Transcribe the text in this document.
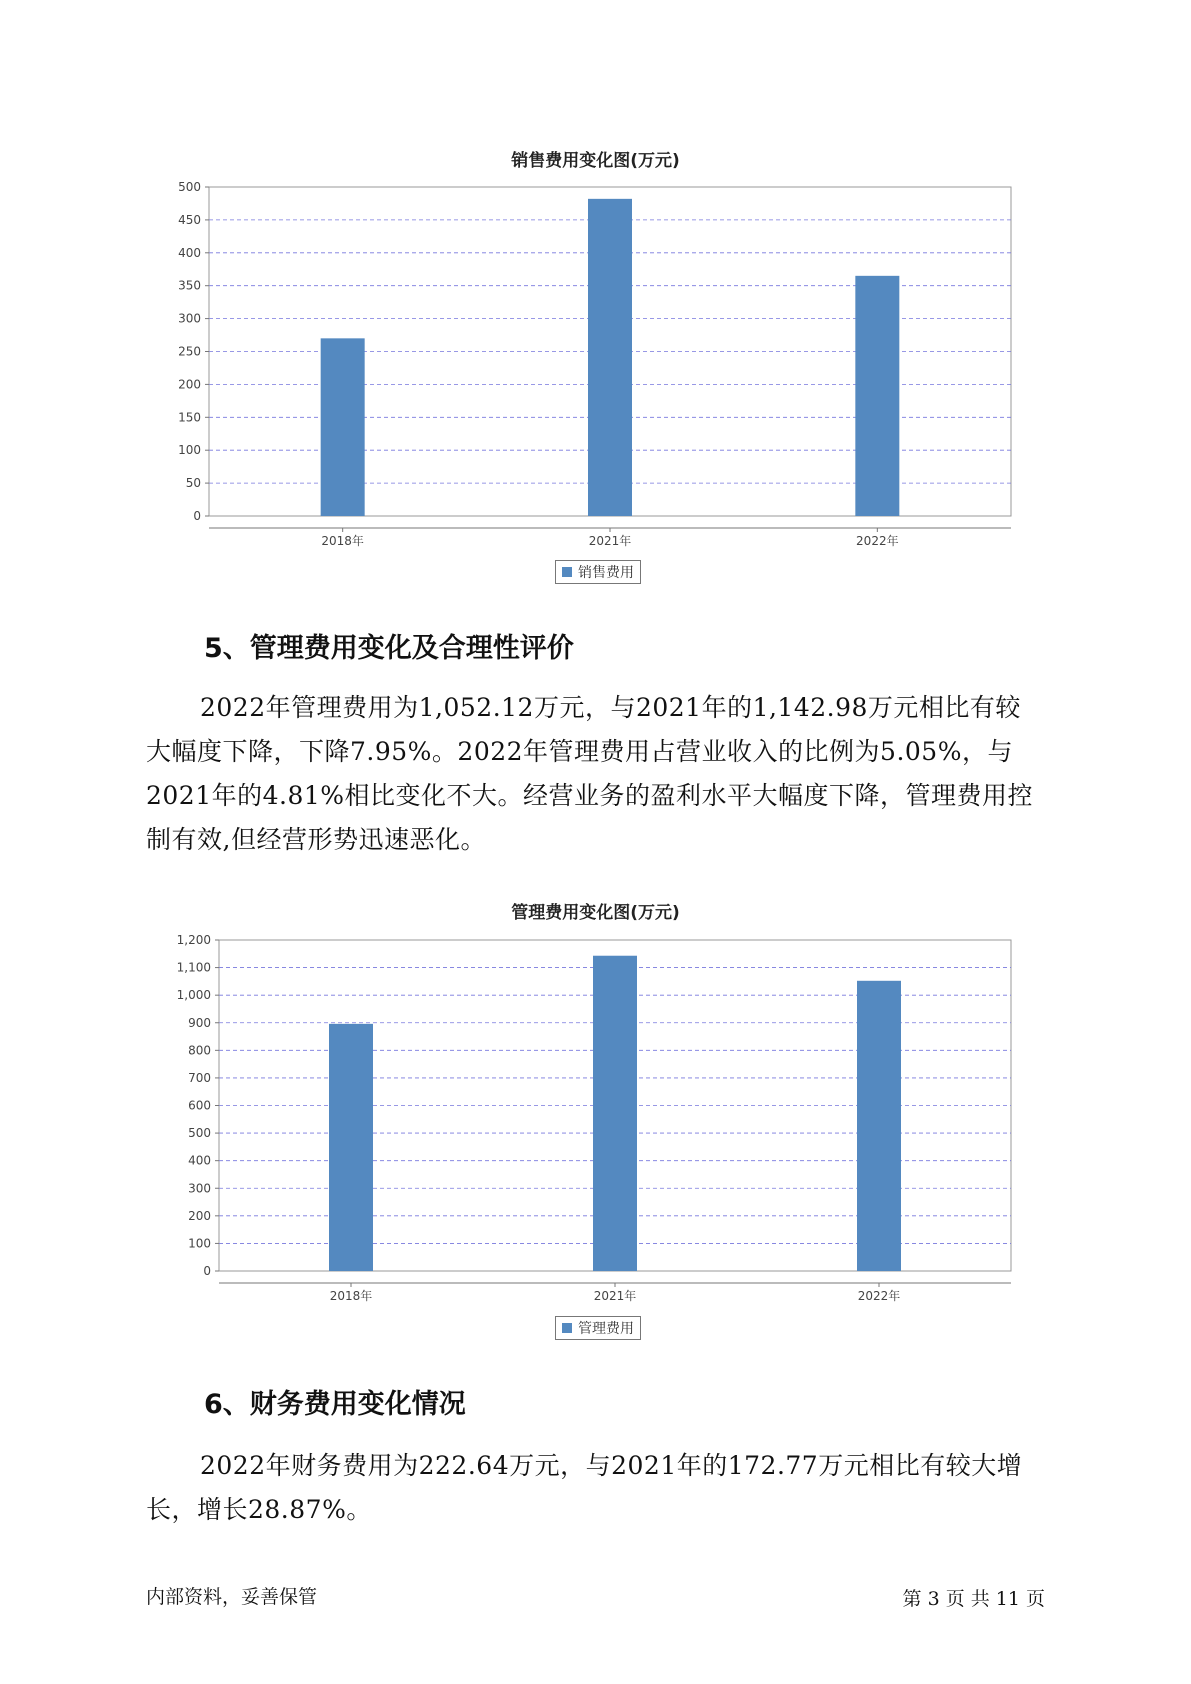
销售费用变化图(万元)
0
50
100
150
200
250
300
350
400
450
500
2018年	2021年	2022年
销售费用
5、管理费用变化及合理性评价

2022年管理费用为1,052.12万元，与2021年的1,142.98万元相比有较大幅度下降，下降7.95%。2022年管理费用占营业收入的比例为5.05%，与2021年的4.81%相比变化不大。经营业务的盈利水平大幅度下降，管理费用控制有效,但经营形势迅速恶化。

管理费用变化图(万元)
0
100
200
300
400
500
600
700
800
900
1,000
1,100
1,200
2018年	2021年	2022年
管理费用
6、财务费用变化情况

2022年财务费用为222.64万元，与2021年的172.77万元相比有较大增长，增长28.87%。

内部资料，妥善保管	第 3 页 共 11 页
